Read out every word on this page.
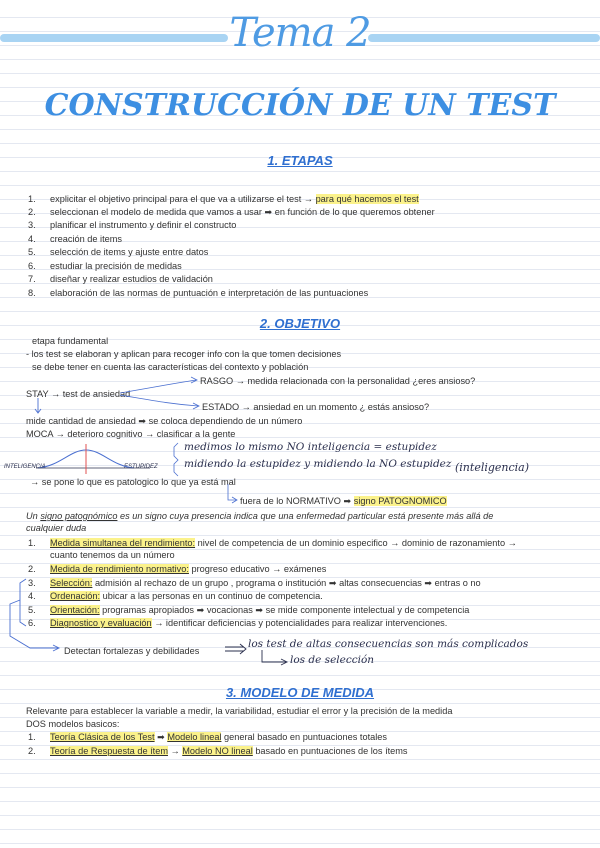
Tema 2
CONSTRUCCIÓN DE UN TEST
1. ETAPAS
1. explicitar el objetivo principal para el que va a utilizarse el test → para qué hacemos el test
2. seleccionan el modelo de medida que vamos a usar ➡ en función de lo que queremos obtener
3. planificar el instrumento y definir el constructo
4. creación de items
5. selección de items y ajuste entre datos
6. estudiar la precisión de medidas
7. diseñar y realizar estudios de validación
8. elaboración de las normas de puntuación e interpretación de las puntuaciones
2. OBJETIVO
etapa fundamental
- los test se elaboran y aplican para recoger info con la que tomen decisiones
se debe tener en cuenta las características del contexto y población
RASGO → medida relacionada con la personalidad ¿eres ansioso?
STAY → test de ansiedad
ESTADO → ansiedad en un momento ¿ estás ansioso?
mide cantidad de ansiedad ➡ se coloca dependiendo de un número
MOCA → deterioro cognitivo → clasificar a la gente
INTELIGENCIA	ESTUPIDEZ
medimos lo mismo NO inteligencia = estupidez
midiendo la estupidez y midiendo la NO estupidez (inteligencia)
→ se pone lo que es patologico lo que ya está mal
fuera de lo NORMATIVO ➡ signo PATOGNOMICO
Un signo patognómico es un signo cuya presencia indica que una enfermedad particular está presente más allá de
cualquier duda
1. Medida simultanea del rendimiento: nivel de competencia de un dominio especifico → dominio de razonamiento →
cuanto tenemos da un número
2. Medida de rendimiento normativo: progreso educativo → exámenes
3. Selección: admisión al rechazo de un grupo , programa o institución ➡ altas consecuencias ➡ entras o no
4. Ordenación: ubicar a las personas en un continuo de competencia.
5. Orientación: programas apropiados ➡ vocacionas ➡ se mide componente intelectual y de competencia
6. Diagnostico y evaluación → identificar deficiencias y potencialidades para realizar intervenciones.
Detectan fortalezas y debilidades
los test de altas consecuencias son más complicados
los de selección
3. MODELO DE MEDIDA
Relevante para establecer la variable a medir, la variabilidad, estudiar el error y la precisión de la medida
DOS modelos basicos:
1. Teoría Clásica de los Test ➡ Modelo lineal general basado en puntuaciones totales
2. Teoría de Respuesta de ítem → Modelo NO lineal basado en puntuaciones de los ítems
